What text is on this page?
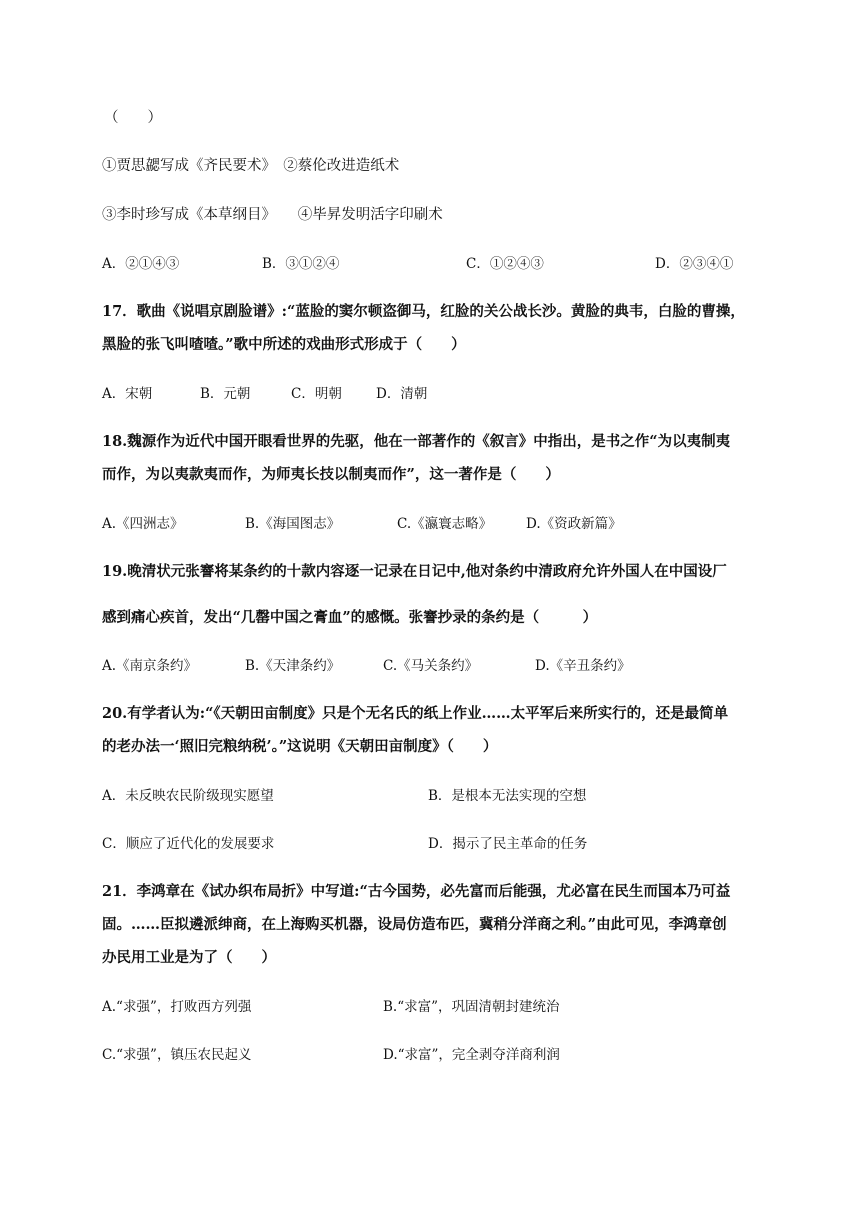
（　　）
①贾思勰写成《齐民要术》　②蔡伦改进造纸术
③李时珍写成《本草纲目》　　④毕昇发明活字印刷术
A．②①④③	B．③①②④	C．①②④③	D．②③④①
17．歌曲《说唱京剧脸谱》:“蓝脸的窦尔顿盗御马，红脸的关公战长沙。黄脸的典韦，白脸的曹操，
黑脸的张飞叫喳喳。”歌中所述的戏曲形式形成于（　　）
A．宋朝	B．元朝	C．明朝	D．清朝
18.魏源作为近代中国开眼看世界的先驱，他在一部著作的《叙言》中指出，是书之作“为以夷制夷
而作，为以夷款夷而作，为师夷长技以制夷而作”，这一著作是（　　）
A.《四洲志》	B.《海国图志》	C.《瀛寰志略》	D.《资政新篇》
19.晚清状元张謇将某条约的十款内容逐一记录在日记中,他对条约中清政府允许外国人在中国设厂
感到痛心疾首，发出“几罄中国之膏血”的感慨。张謇抄录的条约是（　　　）
A.《南京条约》	B.《天津条约》	C.《马关条约》	D.《辛丑条约》
20.有学者认为:“《天朝田亩制度》只是个无名氏的纸上作业……太平军后来所实行的，还是最简单
的老办法一‘照旧完粮纳税’。”这说明《天朝田亩制度》（　　）
A．未反映农民阶级现实愿望	B．是根本无法实现的空想
C．顺应了近代化的发展要求	D．揭示了民主革命的任务
21．李鸿章在《试办织布局折》中写道:“古今国势，必先富而后能强，尤必富在民生而国本乃可益
固。……臣拟遴派绅商，在上海购买机器，设局仿造布匹，冀稍分洋商之利。”由此可见，李鸿章创
办民用工业是为了（　　）
A.“求强”，打败西方列强	B.“求富”，巩固清朝封建统治
C.“求强”，镇压农民起义	D.“求富”，完全剥夺洋商利润
